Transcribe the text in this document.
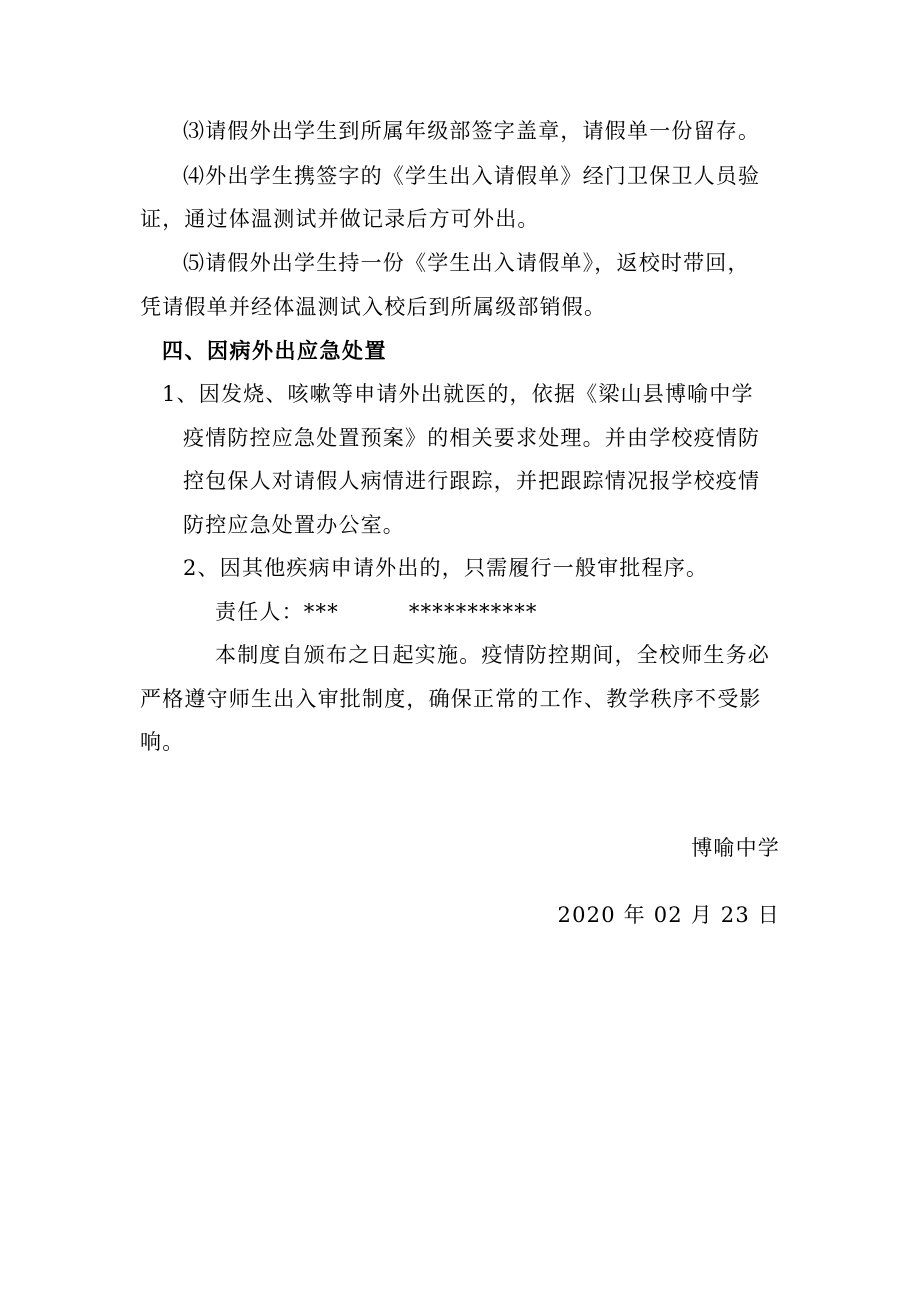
⑶请假外出学生到所属年级部签字盖章，请假单一份留存。
⑷外出学生携签字的《学生出入请假单》经门卫保卫人员验
证，通过体温测试并做记录后方可外出。
⑸请假外出学生持一份《学生出入请假单》，返校时带回，
凭请假单并经体温测试入校后到所属级部销假。
四、因病外出应急处置
1、因发烧、咳嗽等申请外出就医的，依据《梁山县博喻中学
疫情防控应急处置预案》的相关要求处理。并由学校疫情防
控包保人对请假人病情进行跟踪，并把跟踪情况报学校疫情
防控应急处置办公室。
2、因其他疾病申请外出的，只需履行一般审批程序。
责任人：***	***********
本制度自颁布之日起实施。疫情防控期间，全校师生务必
严格遵守师生出入审批制度，确保正常的工作、教学秩序不受影
响。
博喻中学
2020 年 02 月 23 日
